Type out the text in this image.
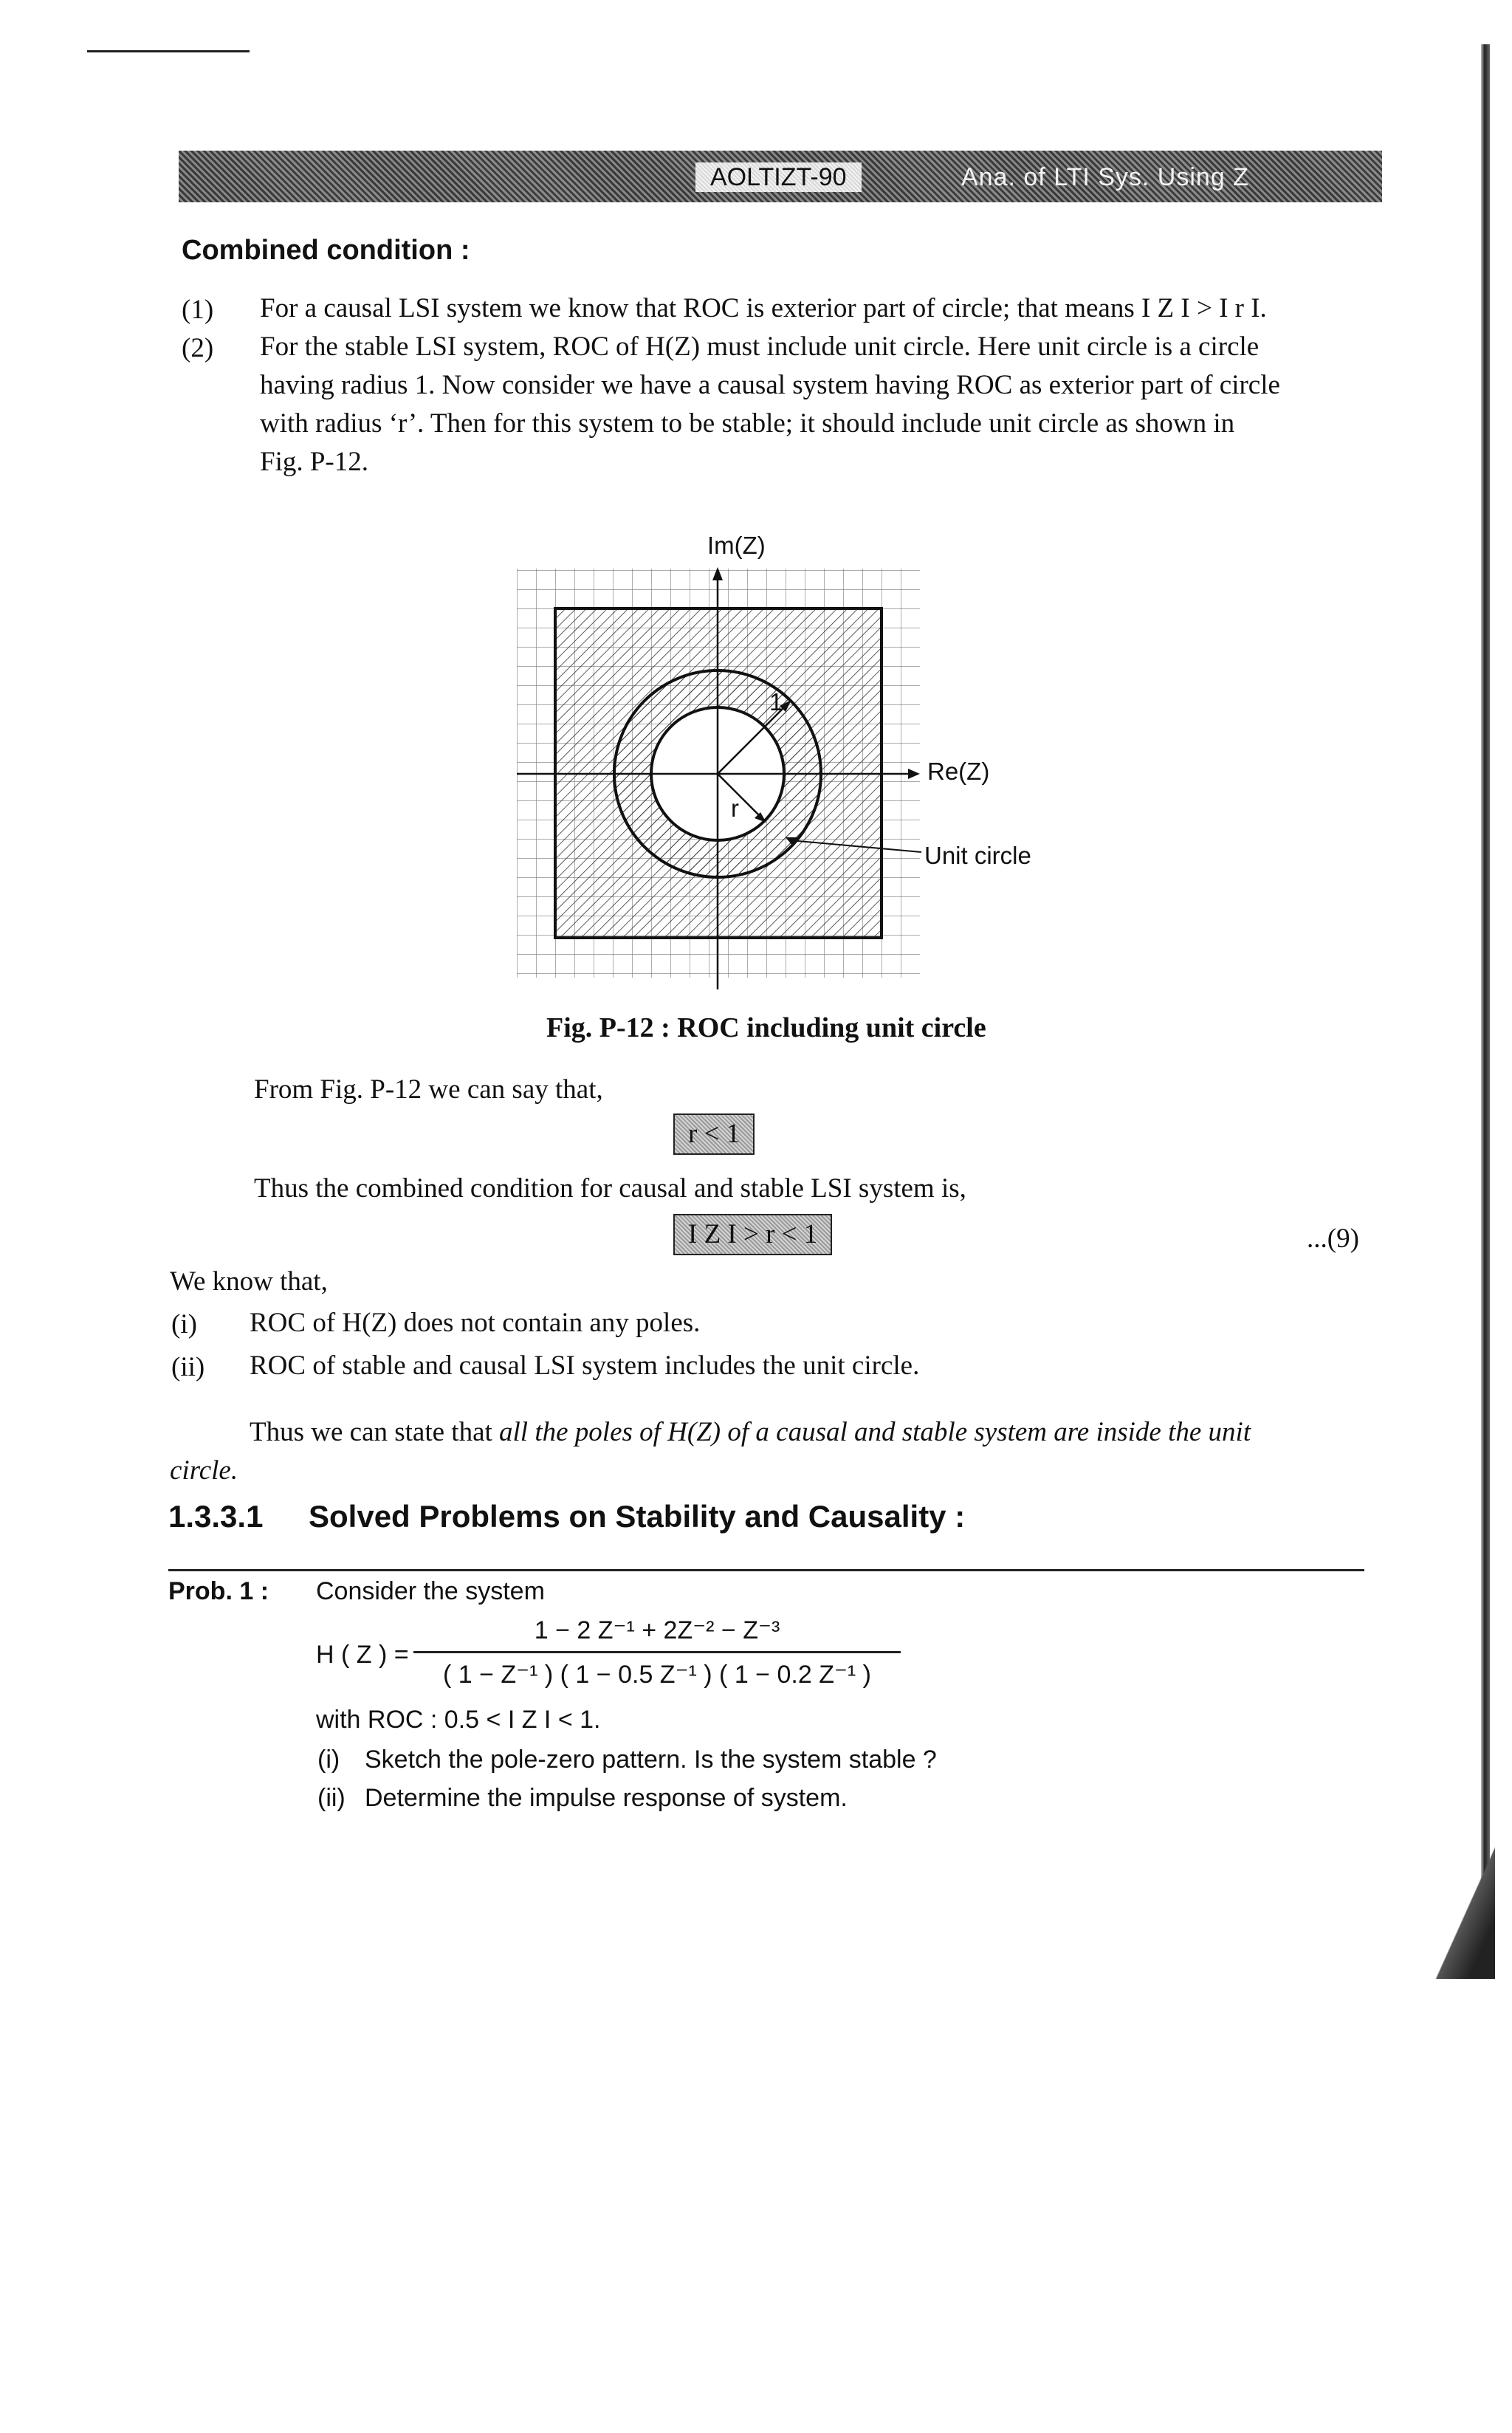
AOLTIZT-90	Ana. of LTI Sys. Using Z
Combined condition :
(1) For a causal LSI system we know that ROC is exterior part of circle; that means I Z I > I r I.
(2) For the stable LSI system, ROC of H(Z) must include unit circle. Here unit circle is a circle
having radius 1. Now consider we have a causal system having ROC as exterior part of circle
with radius ‘r’. Then for this system to be stable; it should include unit circle as shown in
Fig. P-12.
Im(Z)
Re(Z)
1
r
Unit circle
Fig. P-12 : ROC including unit circle
From Fig. P-12 we can say that,
r < 1
Thus the combined condition for causal and stable LSI system is,
I Z I > r < 1	...(9)
We know that,
(i) ROC of H(Z) does not contain any poles.
(ii) ROC of stable and causal LSI system includes the unit circle.
Thus we can state that all the poles of H(Z) of a causal and stable system are inside the unit
circle.
1.3.3.1 Solved Problems on Stability and Causality :
Prob. 1 : Consider the system
H ( Z ) =
1 − 2 Z⁻¹ + 2Z⁻² − Z⁻³
( 1 − Z⁻¹ ) ( 1 − 0.5 Z⁻¹ ) ( 1 − 0.2 Z⁻¹ )
with ROC : 0.5 < I Z I < 1.
(i) Sketch the pole-zero pattern. Is the system stable ?
(ii) Determine the impulse response of system.
